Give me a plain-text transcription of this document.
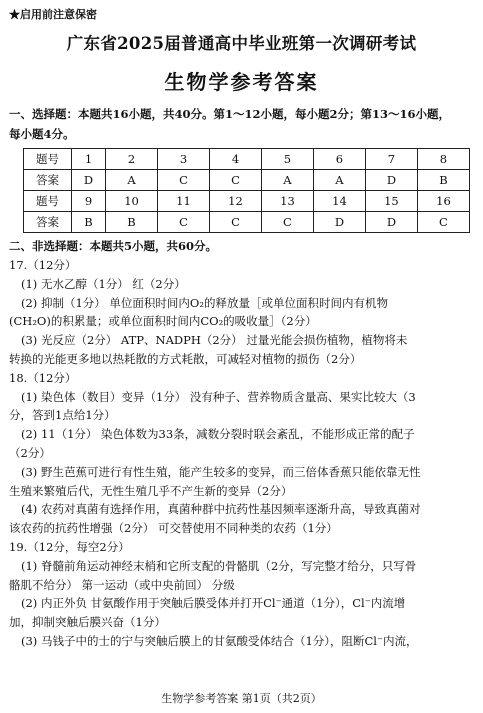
★启用前注意保密
广东省2025届普通高中毕业班第一次调研考试
生物学参考答案
一、选择题：本题共16小题，共40分。第1～12小题，每小题2分；第13～16小题，
每小题4分。
题号	1	2	3	4	5	6	7	8
答案	D	A	C	C	A	A	D	B
题号	9	10	11	12	13	14	15	16
答案	B	B	C	C	C	D	D	C
二、非选择题：本题共5小题，共60分。
17.（12分）
(1) 无水乙醇（1分） 红（2分）
(2) 抑制（1分） 单位面积时间内O₂的释放量［或单位面积时间内有机物
(CH₂O)的积累量；或单位面积时间内CO₂的吸收量］（2分）
(3) 光反应（2分） ATP、NADPH（2分） 过量光能会损伤植物，植物将未
转换的光能更多地以热耗散的方式耗散，可减轻对植物的损伤（2分）
18.（12分）
(1) 染色体（数目）变异（1分） 没有种子、营养物质含量高、果实比较大（3
分，答到1点给1分）
(2) 11（1分） 染色体数为33条，减数分裂时联会紊乱，不能形成正常的配子
（2分）
(3) 野生芭蕉可进行有性生殖，能产生较多的变异，而三倍体香蕉只能依靠无性
生殖来繁殖后代，无性生殖几乎不产生新的变异（2分）
(4) 农药对真菌有选择作用，真菌种群中抗药性基因频率逐渐升高，导致真菌对
该农药的抗药性增强（2分） 可交替使用不同种类的农药（1分）
19.（12分，每空2分）
(1) 脊髓前角运动神经末梢和它所支配的骨骼肌（2分，写完整才给分，只写骨
骼肌不给分） 第一运动（或中央前回） 分级
(2) 内正外负 甘氨酸作用于突触后膜受体并打开Cl⁻通道（1分），Cl⁻内流增
加，抑制突触后膜兴奋（1分）
(3) 马钱子中的士的宁与突触后膜上的甘氨酸受体结合（1分），阻断Cl⁻内流，
生物学参考答案 第1页（共2页）
